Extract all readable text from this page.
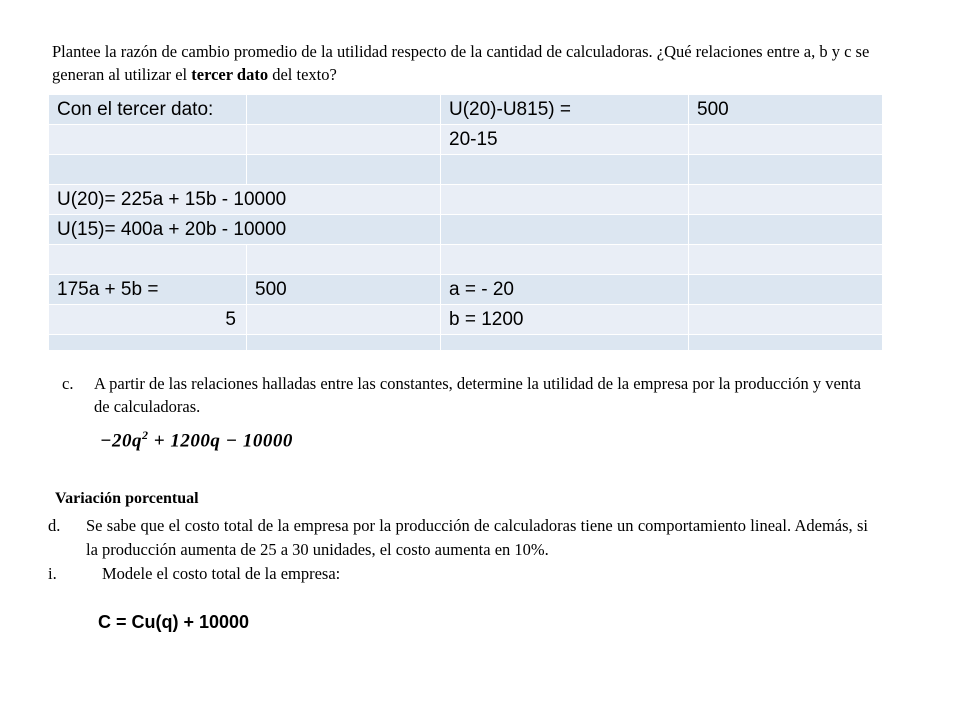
Plantee la razón de cambio promedio de la utilidad respecto de la cantidad de calculadoras. ¿Qué relaciones entre a, b y c se generan al utilizar el tercer dato del texto?

Con el tercer dato:		U(20)-U815) =	500
		20-15	

U(20)= 225a + 15b - 10000			
U(15)= 400a + 20b - 10000			

175a + 5b =	500	a = - 20	
5		b = 1200	

c. A partir de las relaciones halladas entre las constantes, determine la utilidad de la empresa por la producción y venta de calculadoras.
$-20q^2 + 1200q - 10000$
Variación porcentual
d. Se sabe que el costo total de la empresa por la producción de calculadoras tiene un comportamiento lineal. Además, si la producción aumenta de 25 a 30 unidades, el costo aumenta en 10%.
i.	Modele el costo total de la empresa:
C = Cu(q) + 10000
